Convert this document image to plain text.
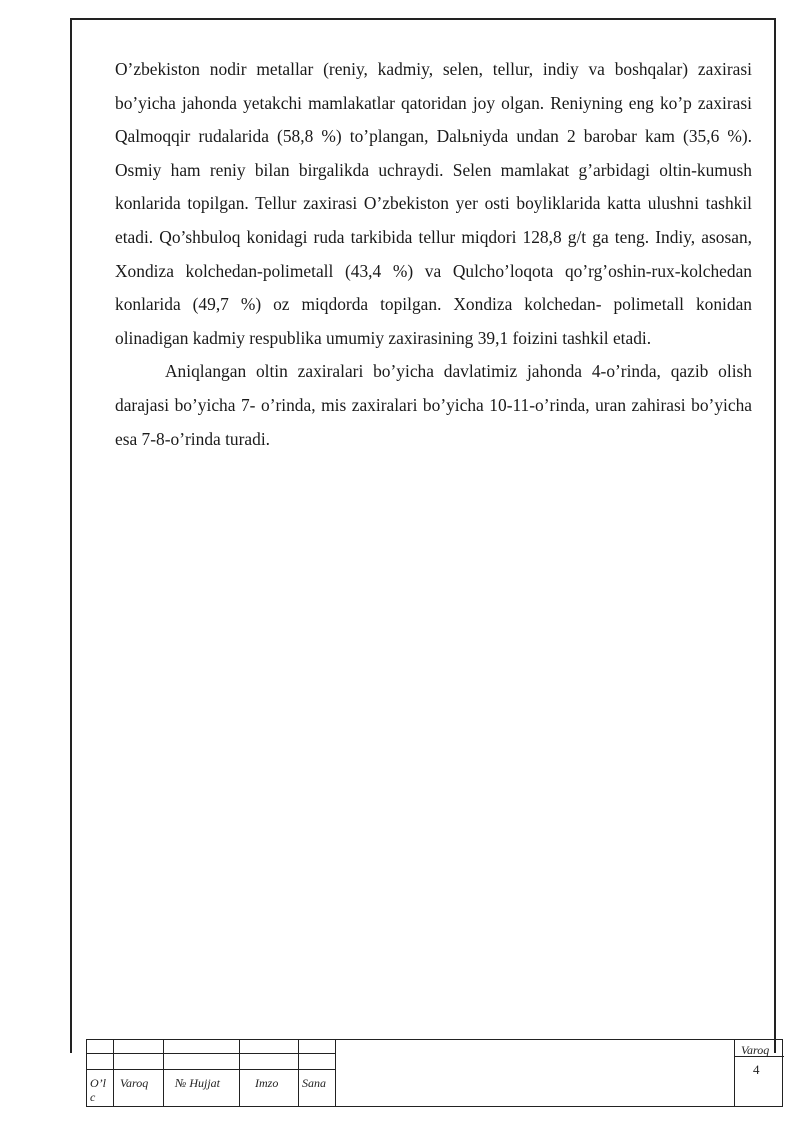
O’zbekiston nodir metallar (reniy, kadmiy, selen, tellur, indiy va boshqalar) zaxirasi bo’yicha jahonda yetakchi mamlakatlar qatoridan joy olgan. Reniyning eng ko’p zaxirasi Qalmoqqir rudalarida (58,8 %) to’plangan, Dalьniyda undan 2 barobar kam (35,6 %). Osmiy ham reniy bilan birgalikda uchraydi. Selen mamlakat g’arbidagi oltin-kumush konlarida topilgan. Tellur zaxirasi O’zbekiston yer osti boyliklarida katta ulushni tashkil etadi. Qo’shbuloq konidagi ruda tarkibida tellur miqdori 128,8 g/t ga teng. Indiy, asosan, Xondiza kolchedan-polimetall (43,4 %) va Qulcho’loqota qo’rg’oshin-rux-kolchedan konlarida (49,7 %) oz miqdorda topilgan. Xondiza kolchedan- polimetall konidan olinadigan kadmiy respublika umumiy zaxirasining 39,1 foizini tashkil etadi.

Aniqlangan oltin zaxiralari bo’yicha davlatimiz jahonda 4-o’rinda, qazib olish darajasi bo’yicha 7- o’rinda, mis zaxiralari bo’yicha 10-11-o’rinda, uran zahirasi bo’yicha esa 7-8-o’rinda turadi.

O’l c
Varoq № Hujjat	Imzo Sana
Varoq
4
